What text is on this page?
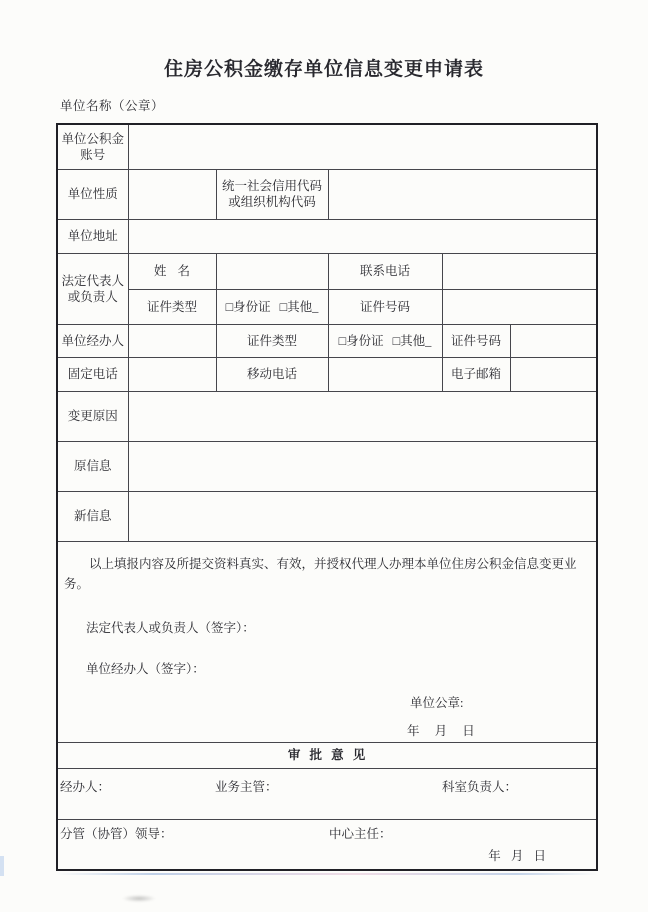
住房公积金缴存单位信息变更申请表
单位名称（公章）
单位公积金
账号					

单位性质		统一社会信用代码
或组织机构代码			

单位地址					

法定代表人
或负责人	姓 名		联系电话		
	证件类型	□身份证 □其他_	证件号码		
单位经办人		证件类型	□身份证 □其他_	证件号码	
固定电话		移动电话		电子邮箱	
变更原因					
原信息					
新信息					

以上填报内容及所提交资料真实、有效，并授权代理人办理本单位住房公积金信息变更业务。
法定代表人或负责人（签字）：
单位经办人（签字）：
单位公章:
年 月 日					

审 批 意 见					

经办人： 业务主管： 科室负责人：					

分管（协管）领导： 中心主任：
年 月 日					
